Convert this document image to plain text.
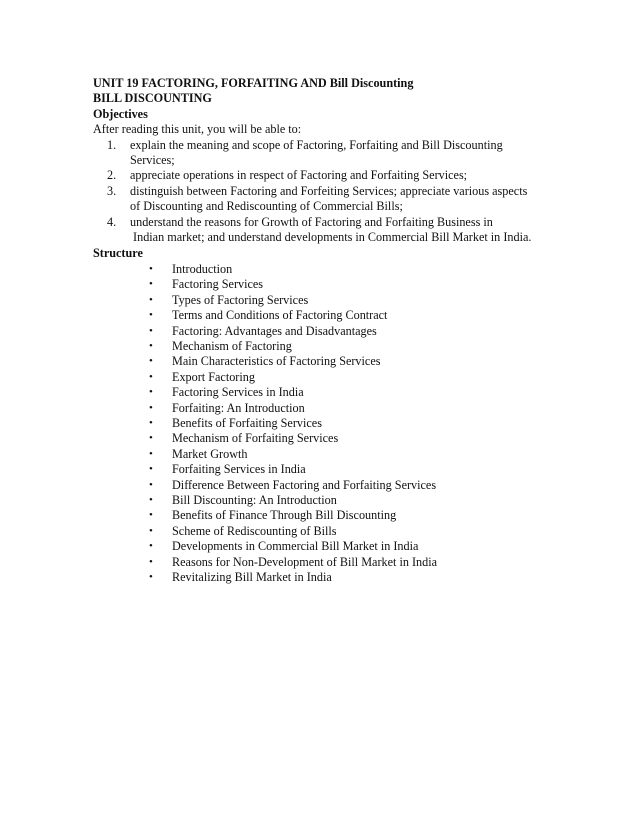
UNIT 19 FACTORING, FORFAITING AND Bill Discounting
BILL DISCOUNTING
Objectives
After reading this unit, you will be able to:
1. explain the meaning and scope of Factoring, Forfaiting and Bill Discounting
Services;
2. appreciate operations in respect of Factoring and Forfaiting Services;
3. distinguish between Factoring and Forfeiting Services; appreciate various aspects
of Discounting and Rediscounting of Commercial Bills;
4. understand the reasons for Growth of Factoring and Forfaiting Business in
Indian market; and understand developments in Commercial Bill Market in India.
Structure
• Introduction
• Factoring Services
• Types of Factoring Services
• Terms and Conditions of Factoring Contract
• Factoring: Advantages and Disadvantages
• Mechanism of Factoring
• Main Characteristics of Factoring Services
• Export Factoring
• Factoring Services in India
• Forfaiting: An Introduction
• Benefits of Forfaiting Services
• Mechanism of Forfaiting Services
• Market Growth
• Forfaiting Services in India
• Difference Between Factoring and Forfaiting Services
• Bill Discounting: An Introduction
• Benefits of Finance Through Bill Discounting
• Scheme of Rediscounting of Bills
• Developments in Commercial Bill Market in India
• Reasons for Non-Development of Bill Market in India
• Revitalizing Bill Market in India
